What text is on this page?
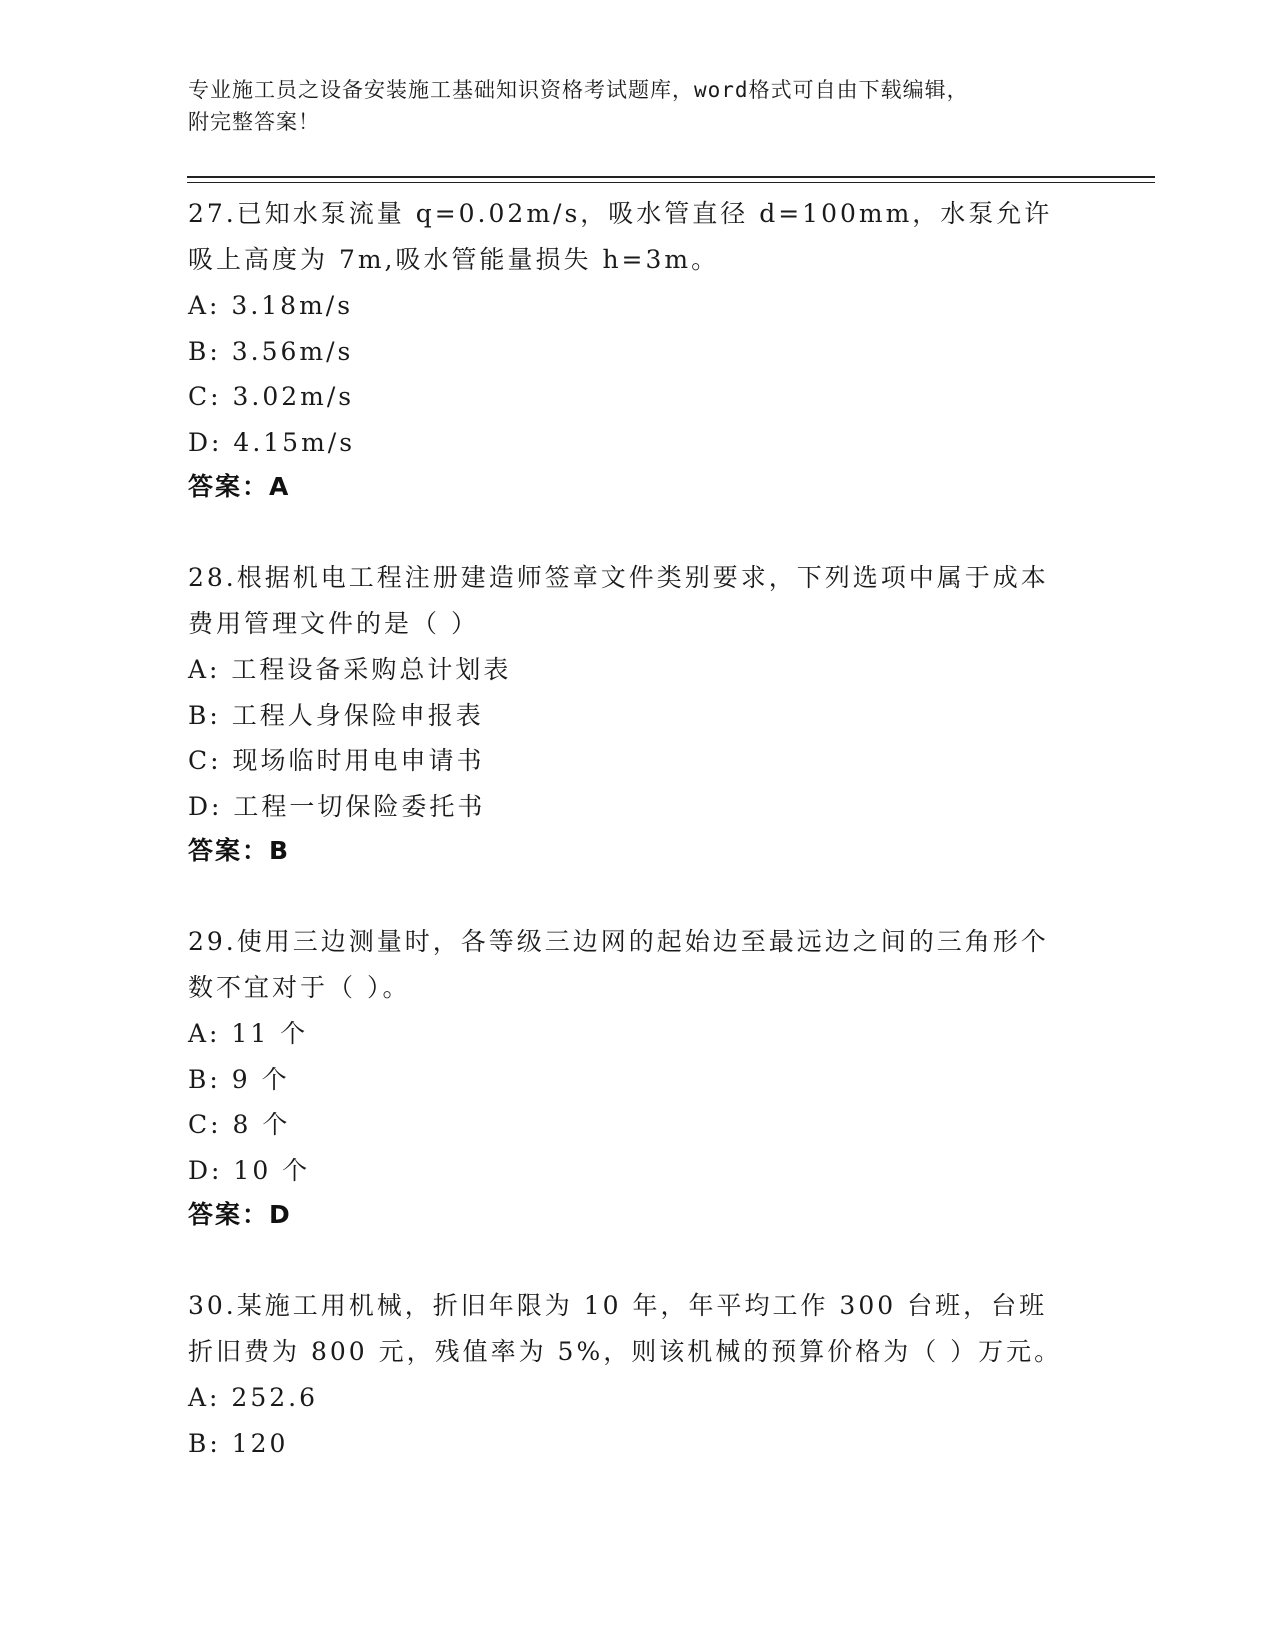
专业施工员之设备安装施工基础知识资格考试题库，word格式可自由下载编辑，
附完整答案！
27.已知水泵流量 q=0.02m/s，吸水管直径 d=100mm，水泵允许吸上高度为 7m,吸水管能量损失 h=3m。
A: 3.18m/s
B: 3.56m/s
C: 3.02m/s
D: 4.15m/s
答案：A
28.根据机电工程注册建造师签章文件类别要求，下列选项中属于成本费用管理文件的是（ ）
A: 工程设备采购总计划表
B: 工程人身保险申报表
C: 现场临时用电申请书
D: 工程一切保险委托书
答案：B
29.使用三边测量时，各等级三边网的起始边至最远边之间的三角形个数不宜对于（ ）。
A: 11 个
B: 9 个
C: 8 个
D: 10 个
答案：D
30.某施工用机械，折旧年限为 10 年，年平均工作 300 台班，台班折旧费为 800 元，残值率为 5%，则该机械的预算价格为（ ）万元。
A: 252.6
B: 120
